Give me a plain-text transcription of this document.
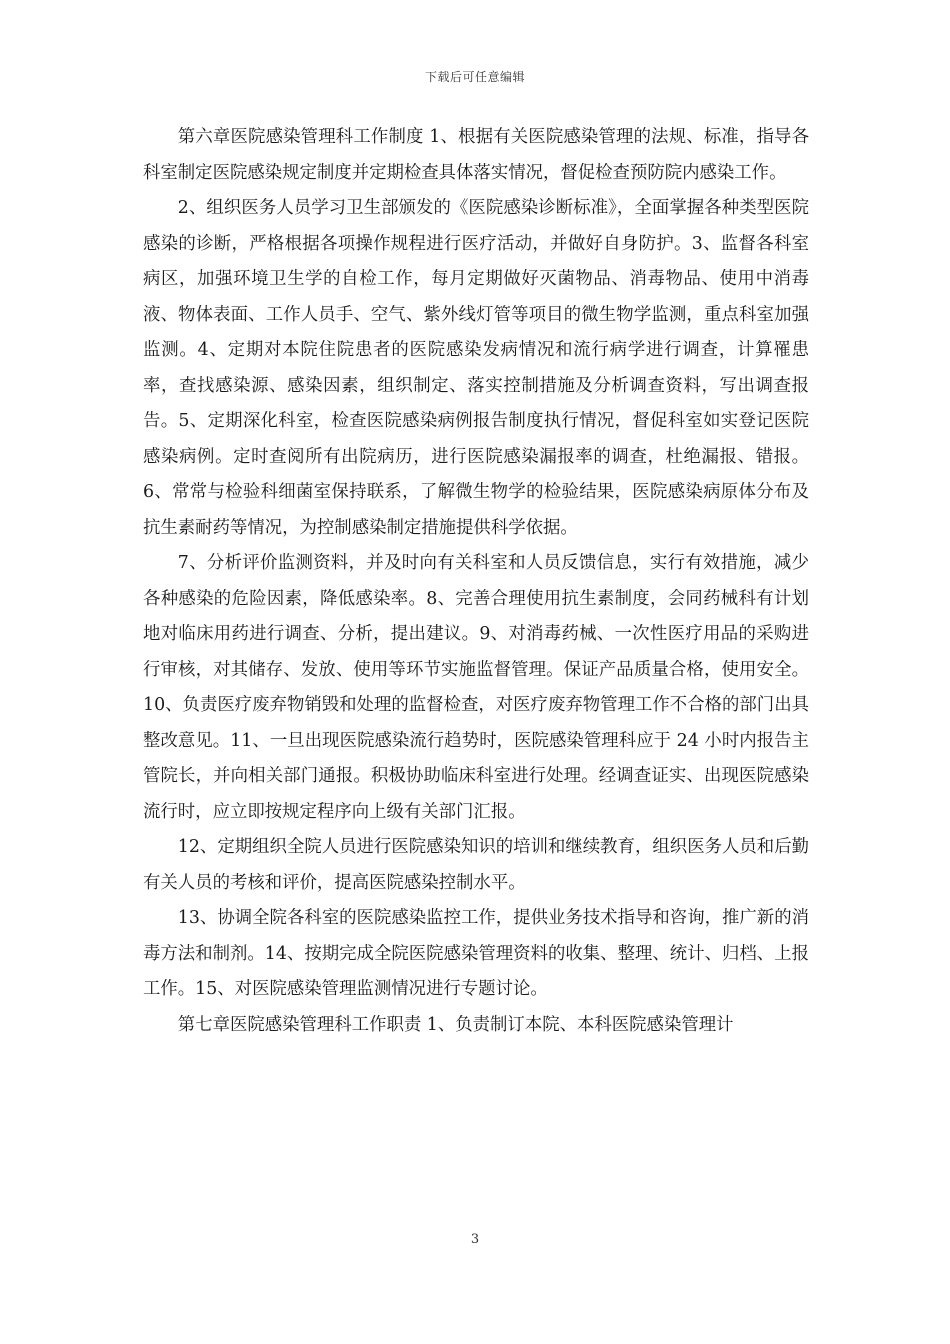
下载后可任意编辑

第六章医院感染管理科工作制度 1、根据有关医院感染管理的法规、标准，指导各科室制定医院感染规定制度并定期检查具体落实情况，督促检查预防院内感染工作。

2、组织医务人员学习卫生部颁发的《医院感染诊断标准》，全面掌握各种类型医院感染的诊断，严格根据各项操作规程进行医疗活动，并做好自身防护。3、监督各科室病区，加强环境卫生学的自检工作，每月定期做好灭菌物品、消毒物品、使用中消毒液、物体表面、工作人员手、空气、紫外线灯管等项目的微生物学监测，重点科室加强监测。4、定期对本院住院患者的医院感染发病情况和流行病学进行调查，计算罹患率，查找感染源、感染因素，组织制定、落实控制措施及分析调查资料，写出调查报告。5、定期深化科室，检查医院感染病例报告制度执行情况，督促科室如实登记医院感染病例。定时查阅所有出院病历，进行医院感染漏报率的调查，杜绝漏报、错报。6、常常与检验科细菌室保持联系，了解微生物学的检验结果，医院感染病原体分布及抗生素耐药等情况，为控制感染制定措施提供科学依据。

7、分析评价监测资料，并及时向有关科室和人员反馈信息，实行有效措施，减少各种感染的危险因素，降低感染率。8、完善合理使用抗生素制度，会同药械科有计划地对临床用药进行调查、分析，提出建议。9、对消毒药械、一次性医疗用品的采购进行审核，对其储存、发放、使用等环节实施监督管理。保证产品质量合格，使用安全。10、负责医疗废弃物销毁和处理的监督检查，对医疗废弃物管理工作不合格的部门出具整改意见。11、一旦出现医院感染流行趋势时，医院感染管理科应于 24 小时内报告主管院长，并向相关部门通报。积极协助临床科室进行处理。经调查证实、出现医院感染流行时，应立即按规定程序向上级有关部门汇报。

12、定期组织全院人员进行医院感染知识的培训和继续教育，组织医务人员和后勤有关人员的考核和评价，提高医院感染控制水平。

13、协调全院各科室的医院感染监控工作，提供业务技术指导和咨询，推广新的消毒方法和制剂。14、按期完成全院医院感染管理资料的收集、整理、统计、归档、上报工作。15、对医院感染管理监测情况进行专题讨论。

第七章医院感染管理科工作职责 1、负责制订本院、本科医院感染管理计

3
